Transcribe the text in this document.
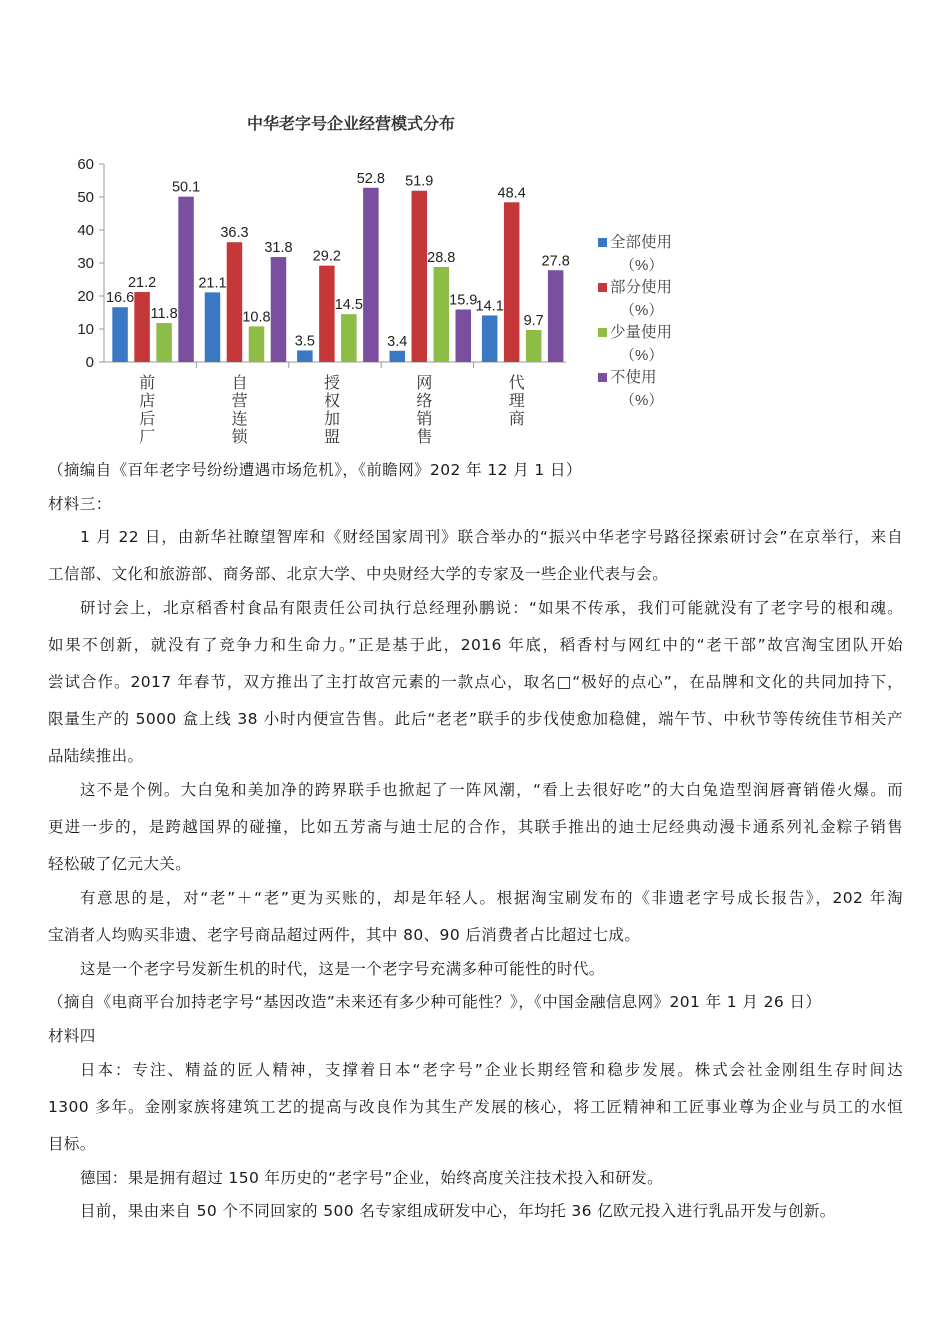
中华老字号企业经营模式分布
0
10
20
30
40
50
60
前
店
后
厂
16.6
21.2
11.8
50.1
自
营
连
锁
21.1
36.3
10.8
31.8
授
权
加
盟
3.5
29.2
14.5
52.8
网
络
销
售
3.4
51.9
28.8
15.9
代
理
商
14.1
48.4
9.7
27.8
全部使用
（%）
部分使用
（%）
少量使用
（%）
不使用
（%）
（摘编自《百年老字号纷纷遭遇市场危机》，《前瞻网》202 年 12 月 1 日）
材料三：
1 月 22 日，由新华社瞭望智库和《财经国家周刊》联合举办的“振兴中华老字号路径探索研讨会”在京举行，来自
工信部、文化和旅游部、商务部、北京大学、中央财经大学的专家及一些企业代表与会。
研讨会上，北京稻香村食品有限责任公司执行总经理孙鹏说：“如果不传承，我们可能就没有了老字号的根和魂。
如果不创新，就没有了竞争力和生命力。”正是基于此，2016 年底，稻香村与网红中的“老干部”故宫淘宝团队开始
尝试合作。2017 年春节，双方推出了主打故宫元素的一款点心，取名□“极好的点心”，在品牌和文化的共同加持下，
限量生产的 5000 盒上线 38 小时内便宣告售。此后“老老”联手的步伐使愈加稳健，端午节、中秋节等传统佳节相关产
品陆续推出。
这不是个例。大白兔和美加净的跨界联手也掀起了一阵风潮，“看上去很好吃”的大白兔造型润唇膏销倦火爆。而
更进一步的，是跨越国界的碰撞，比如五芳斋与迪士尼的合作，其联手推出的迪士尼经典动漫卡通系列礼金粽子销售
轻松破了亿元大关。
有意思的是，对“老”＋“老”更为买账的，却是年轻人。根据淘宝刷发布的《非遗老字号成长报告》，202 年淘
宝消者人均购买非遗、老字号商品超过两件，其中 80、90 后消费者占比超过七成。
这是一个老字号发新生机的时代，这是一个老字号充满多种可能性的时代。
（摘自《电商平台加持老字号“基因改造”未来还有多少种可能性？》，《中国金融信息网》201 年 1 月 26 日）
材料四
日本：专注、精益的匠人精神，支撑着日本“老字号”企业长期经管和稳步发展。株式会社金刚组生存时间达
1300 多年。金刚家族将建筑工艺的提高与改良作为其生产发展的核心，将工匠精神和工匠事业尊为企业与员工的水恒
目标。
德国：果是拥有超过 150 年历史的“老字号”企业，始终高度关注技术投入和研发。
目前，果由来自 50 个不同回家的 500 名专家组成研发中心，年均托 36 亿欧元投入进行乳品开发与创新。
